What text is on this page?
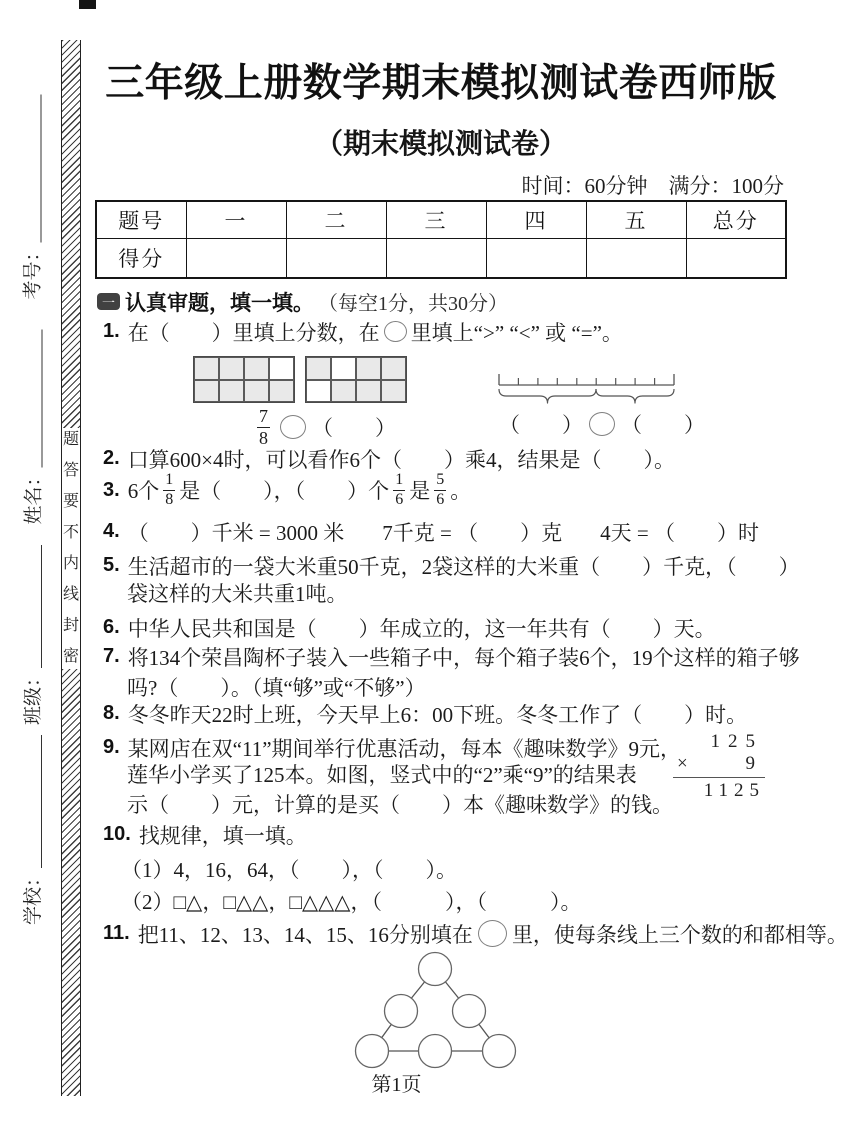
题
答
要
不
内
线
封
密
考号：
姓名：
班级：
学校：
三年级上册数学期末模拟测试卷西师版
（期末模拟测试卷）
时间：60分钟　满分：100分
题号	一	二	三	四	五	总分
得分						
一 认真审题，填一填。 （每空1分，共30分）
1. 在（　　）里填上分数，在 里填上“>” “<” 或 “=”。
$\frac{7}{8}$ （　　）	（　　） （　　）
2. 口算600×4时，可以看作6个（　　）乘4，结果是（　　）。
3. 6个 $\frac{1}{8}$ 是（　　），（　　）个 $\frac{1}{6}$ 是 $\frac{5}{6}$ 。
4. （　　）千米 = 3000 米 7千克 = （　　）克 4天 = （　　）时
5. 生活超市的一袋大米重50千克，2袋这样的大米重（　　）千克，（　　）
袋这样的大米共重1吨。
6. 中华人民共和国是（　　）年成立的，这一年共有（　　）天。
7. 将134个荣昌陶杯子装入一些箱子中，每个箱子装6个，19个这样的箱子够
吗?（　　）。（填“够”或“不够”）
8. 冬冬昨天22时上班，今天早上6：00下班。冬冬工作了（　　）时。
9. 某网店在双“11”期间举行优惠活动，每本《趣味数学》9元，
莲华小学买了125本。如图，竖式中的“2”乘“9”的结果表
示（　　）元，计算的是买（　　）本《趣味数学》的钱。
125
×	9
1125
10. 找规律，填一填。
（1）4，16，64，（　　），（　　）。
（2）□△，□△△，□△△△，（　　　），（　　　）。
11. 把11、12、13、14、15、16分别填在 里，使每条线上三个数的和都相等。
第1页
